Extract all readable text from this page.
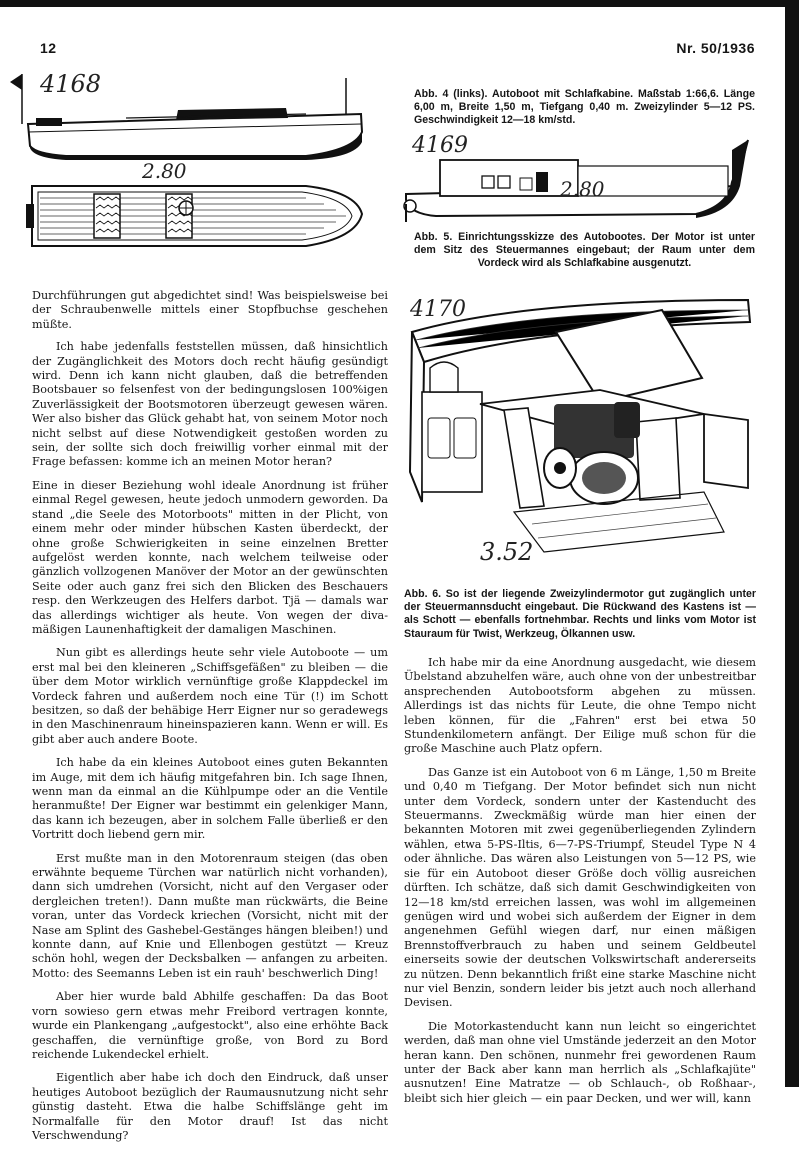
12	Nr. 50/1936
4168
2.80
Abb. 4 (links). Autoboot mit Schlafkabine. Maßstab 1:66,6. Länge 6,00 m, Breite 1,50 m, Tiefgang 0,40 m. Zweizylinder 5—12 PS. Geschwindigkeit 12—18 km/std.
4169
2.80
Abb. 5. Einrichtungsskizze des Autobootes. Der Motor ist unter dem Sitz des Steuermannes eingebaut; der Raum unter dem Vordeck wird als Schlafkabine ausgenutzt.
4170
3.52
Abb. 6. So ist der liegende Zweizylindermotor gut zugänglich unter der Steuermannsducht eingebaut. Die Rückwand des Kastens ist — als Schott — ebenfalls fortnehmbar. Rechts und links vom Motor ist Stauraum für Twist, Werkzeug, Ölkannen usw.

Durchführungen gut abgedichtet sind! Was beispielsweise bei der Schraubenwelle mittels einer Stopfbuchse geschehen müßte.

Ich habe jedenfalls feststellen müssen, daß hinsichtlich der Zugänglichkeit des Motors doch recht häufig gesündigt wird. Denn ich kann nicht glauben, daß die betreffenden Bootsbauer so felsenfest von der bedingungslosen 100%igen Zuverlässigkeit der Bootsmotoren überzeugt gewesen wären. Wer also bisher das Glück gehabt hat, von seinem Motor noch nicht selbst auf diese Notwendigkeit gestoßen worden zu sein, der sollte sich doch freiwillig vorher einmal mit der Frage befassen: komme ich an meinen Motor heran?

Eine in dieser Beziehung wohl ideale Anordnung ist früher einmal Regel gewesen, heute jedoch unmodern geworden. Da stand „die Seele des Motorboots" mitten in der Plicht, von einem mehr oder minder hübschen Kasten überdeckt, der ohne große Schwierigkeiten in seine einzelnen Bretter aufgelöst werden konnte, nach welchem teilweise oder gänzlich vollzogenen Manöver der Motor an der gewünschten Seite oder auch ganz frei sich den Blicken des Beschauers resp. den Werkzeugen des Helfers darbot. Tjä — damals war das allerdings wichtiger als heute. Von wegen der diva-mäßigen Launenhaftigkeit der damaligen Maschinen.

Nun gibt es allerdings heute sehr viele Autoboote — um erst mal bei den kleineren „Schiffsgefäßen" zu bleiben — die über dem Motor wirklich vernünftige große Klappdeckel im Vordeck fahren und außerdem noch eine Tür (!) im Schott besitzen, so daß der behäbige Herr Eigner nur so geradewegs in den Maschinenraum hineinspazieren kann. Wenn er will. Es gibt aber auch andere Boote.

Ich habe da ein kleines Autoboot eines guten Bekannten im Auge, mit dem ich häufig mitgefahren bin. Ich sage Ihnen, wenn man da einmal an die Kühlpumpe oder an die Ventile heranmußte! Der Eigner war bestimmt ein gelenkiger Mann, das kann ich bezeugen, aber in solchem Falle überließ er den Vortritt doch liebend gern mir.

Erst mußte man in den Motorenraum steigen (das oben erwähnte bequeme Türchen war natürlich nicht vorhanden), dann sich umdrehen (Vorsicht, nicht auf den Vergaser oder dergleichen treten!). Dann mußte man rückwärts, die Beine voran, unter das Vordeck kriechen (Vorsicht, nicht mit der Nase am Splint des Gashebel-Gestänges hängen bleiben!) und konnte dann, auf Knie und Ellenbogen gestützt — Kreuz schön hohl, wegen der Decksbalken — anfangen zu arbeiten. Motto: des Seemanns Leben ist ein rauh' beschwerlich Ding!

Aber hier wurde bald Abhilfe geschaffen: Da das Boot vorn sowieso gern etwas mehr Freibord vertragen konnte, wurde ein Plankengang „aufgestockt", also eine erhöhte Back geschaffen, die vernünftige große, von Bord zu Bord reichende Lukendeckel erhielt.

Eigentlich aber habe ich doch den Eindruck, daß unser heutiges Autoboot bezüglich der Raumausnutzung nicht sehr günstig dasteht. Etwa die halbe Schiffslänge geht im Normalfalle für den Motor drauf! Ist das nicht Verschwendung?

Ich habe mir da eine Anordnung ausgedacht, wie diesem Übelstand abzuhelfen wäre, auch ohne von der unbestreitbar ansprechenden Autobootsform abgehen zu müssen. Allerdings ist das nichts für Leute, die ohne Tempo nicht leben können, für die „Fahren" erst bei etwa 50 Stundenkilometern anfängt. Der Eilige muß schon für die große Maschine auch Platz opfern.

Das Ganze ist ein Autoboot von 6 m Länge, 1,50 m Breite und 0,40 m Tiefgang. Der Motor befindet sich nun nicht unter dem Vordeck, sondern unter der Kastenducht des Steuermanns. Zweckmäßig würde man hier einen der bekannten Motoren mit zwei gegenüberliegenden Zylindern wählen, etwa 5-PS-Iltis, 6—7-PS-Triumpf, Steudel Type N 4 oder ähnliche. Das wären also Leistungen von 5—12 PS, wie sie für ein Autoboot dieser Größe doch völlig ausreichen dürften. Ich schätze, daß sich damit Geschwindigkeiten von 12—18 km/std erreichen lassen, was wohl im allgemeinen genügen wird und wobei sich außerdem der Eigner in dem angenehmen Gefühl wiegen darf, nur einen mäßigen Brennstoffverbrauch zu haben und seinem Geldbeutel einerseits sowie der deutschen Volkswirtschaft andererseits zu nützen. Denn bekanntlich frißt eine starke Maschine nicht nur viel Benzin, sondern leider bis jetzt auch noch allerhand Devisen.

Die Motorkastenducht kann nun leicht so eingerichtet werden, daß man ohne viel Umstände jederzeit an den Motor heran kann. Den schönen, nunmehr frei gewordenen Raum unter der Back aber kann man herrlich als „Schlafkajüte" ausnutzen! Eine Matratze — ob Schlauch-, ob Roßhaar-, bleibt sich hier gleich — ein paar Decken, und wer will, kann
